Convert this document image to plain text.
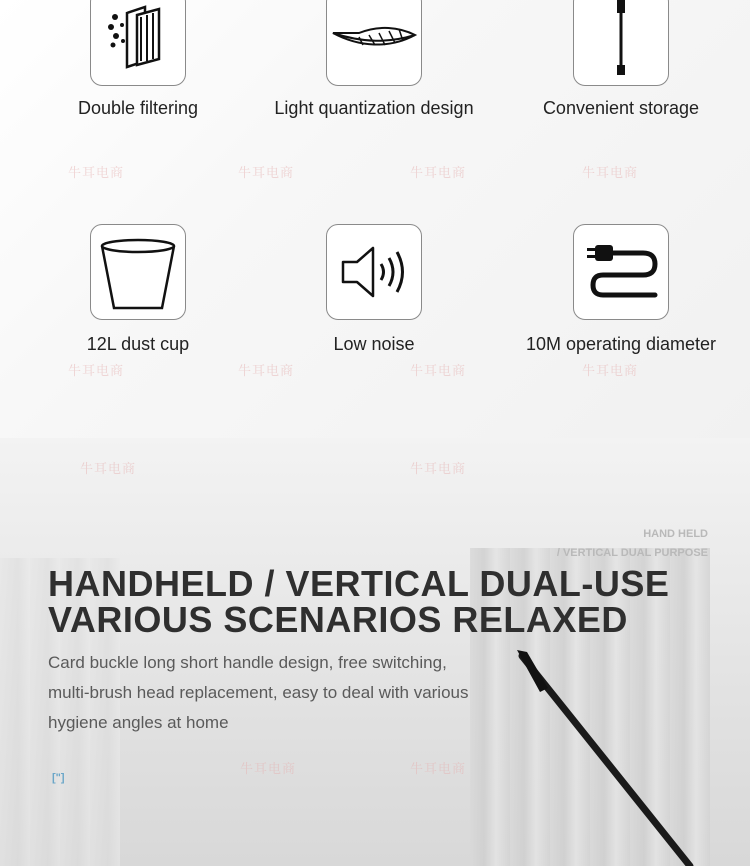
牛耳电商	牛耳电商	牛耳电商	牛耳电商
牛耳电商	牛耳电商	牛耳电商	牛耳电商
Double filtering	Light quantization design	Convenient storage
12L dust cup	Low noise	10M operating diameter
牛耳电商	牛耳电商
牛耳电商	牛耳电商
HAND HELD
/ VERTICAL DUAL PURPOSE
HANDHELD / VERTICAL DUAL-USE
VARIOUS SCENARIOS RELAXED
Card buckle long short handle design, free switching, multi-brush head replacement, easy to deal with various hygiene angles at home
["]
